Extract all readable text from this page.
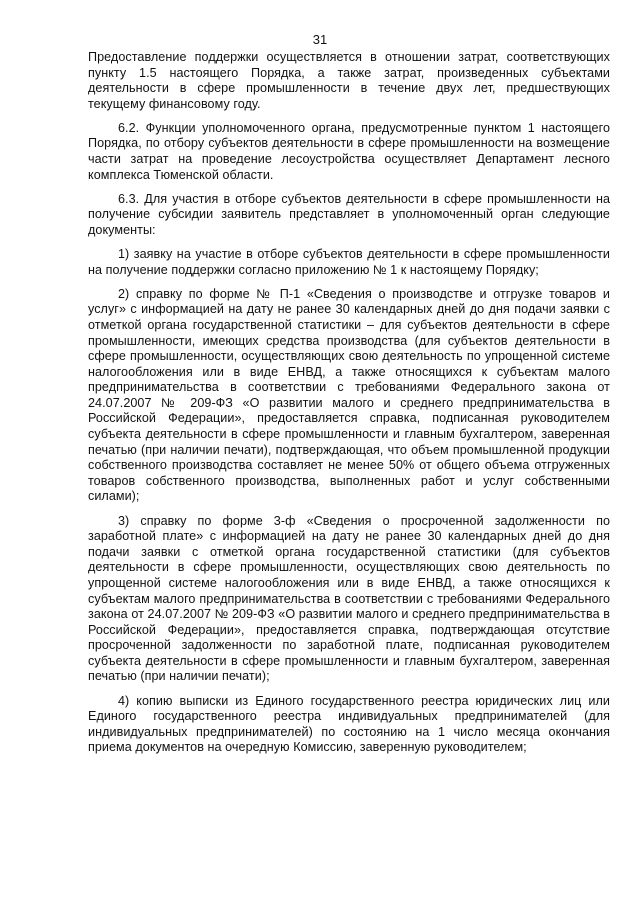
31

Предоставление поддержки осуществляется в отношении затрат, соответствующих пункту 1.5 настоящего Порядка, а также затрат, произведенных субъектами деятельности в сфере промышленности в течение двух лет, предшествующих текущему финансовому году.

6.2. Функции уполномоченного органа, предусмотренные пунктом 1 настоящего Порядка, по отбору субъектов деятельности в сфере промышленности на возмещение части затрат на проведение лесоустройства осуществляет Департамент лесного комплекса Тюменской области.

6.3. Для участия в отборе субъектов деятельности в сфере промышленности на получение субсидии заявитель представляет в уполномоченный орган следующие документы:

1) заявку на участие в отборе субъектов деятельности в сфере промышленности на получение поддержки согласно приложению № 1 к настоящему Порядку;

2) справку по форме № П-1 «Сведения о производстве и отгрузке товаров и услуг» с информацией на дату не ранее 30 календарных дней до дня подачи заявки с отметкой органа государственной статистики – для субъектов деятельности в сфере промышленности, имеющих средства производства (для субъектов деятельности в сфере промышленности, осуществляющих свою деятельность по упрощенной системе налогообложения или в виде ЕНВД, а также относящихся к субъектам малого предпринимательства в соответствии с требованиями Федерального закона от 24.07.2007 № 209-ФЗ «О развитии малого и среднего предпринимательства в Российской Федерации», предоставляется справка, подписанная руководителем субъекта деятельности в сфере промышленности и главным бухгалтером, заверенная печатью (при наличии печати), подтверждающая, что объем промышленной продукции собственного производства составляет не менее 50% от общего объема отгруженных товаров собственного производства, выполненных работ и услуг собственными силами);

3) справку по форме 3-ф «Сведения о просроченной задолженности по заработной плате» с информацией на дату не ранее 30 календарных дней до дня подачи заявки с отметкой органа государственной статистики (для субъектов деятельности в сфере промышленности, осуществляющих свою деятельность по упрощенной системе налогообложения или в виде ЕНВД, а также относящихся к субъектам малого предпринимательства в соответствии с требованиями Федерального закона от 24.07.2007 № 209-ФЗ «О развитии малого и среднего предпринимательства в Российской Федерации», предоставляется справка, подтверждающая отсутствие просроченной задолженности по заработной плате, подписанная руководителем субъекта деятельности в сфере промышленности и главным бухгалтером, заверенная печатью (при наличии печати);

4) копию выписки из Единого государственного реестра юридических лиц или Единого государственного реестра индивидуальных предпринимателей (для индивидуальных предпринимателей) по состоянию на 1 число месяца окончания приема документов на очередную Комиссию, заверенную руководителем;
